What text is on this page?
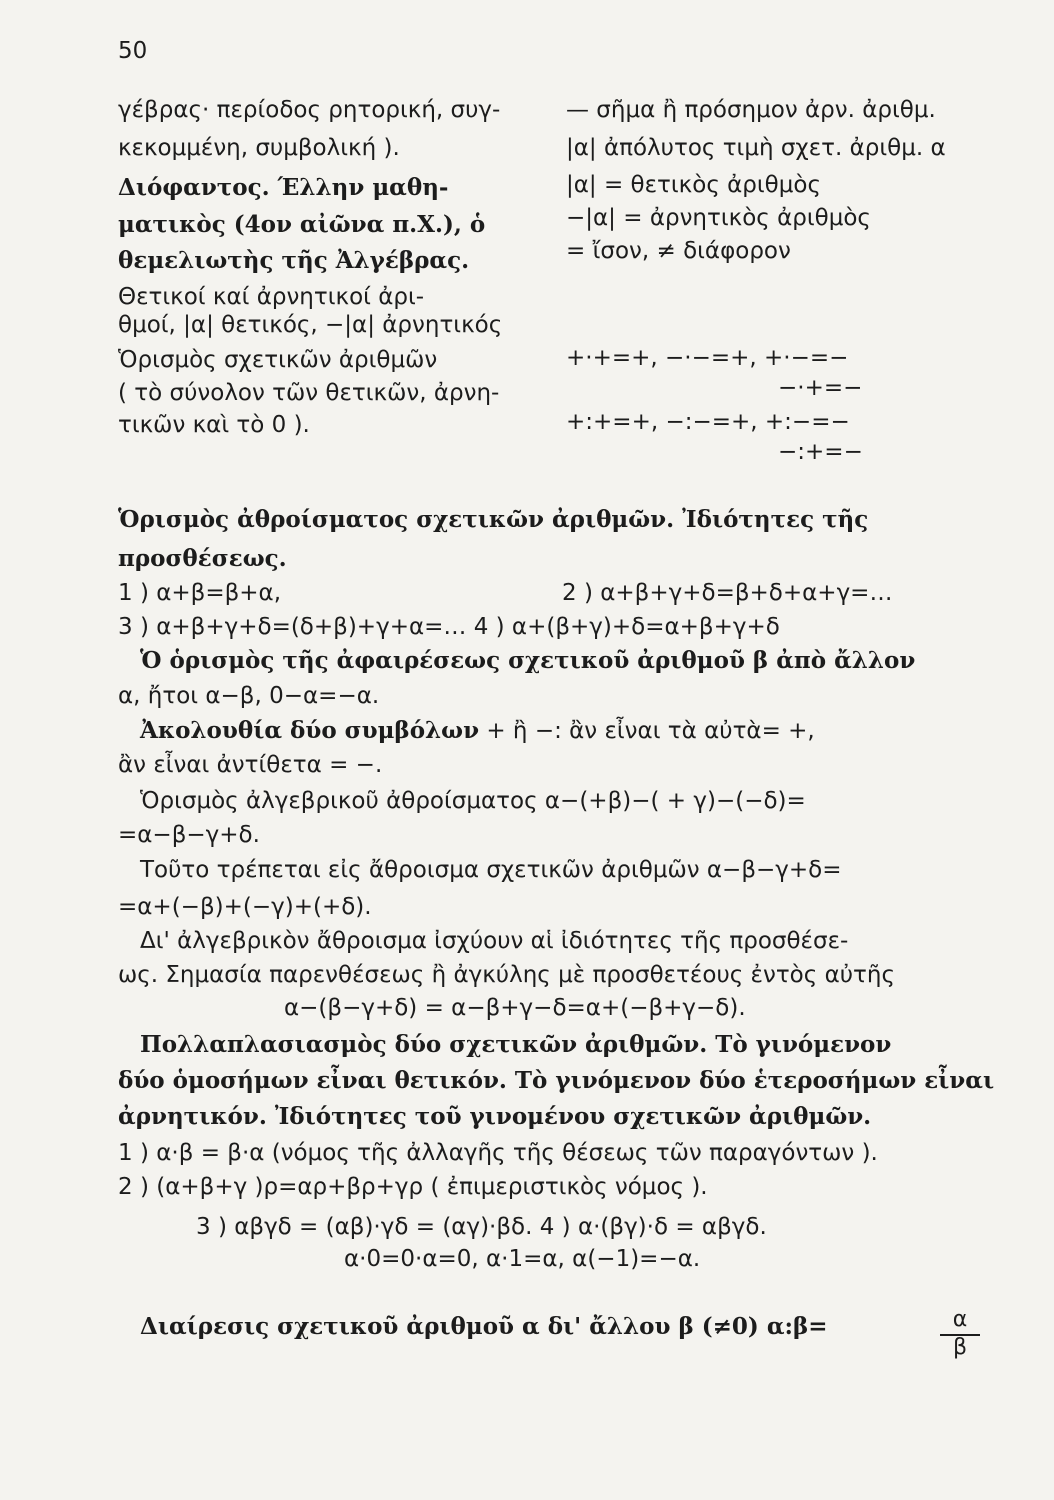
50
γέβρας· περίοδος ρητορική, συγ-
κεκομμένη, συμβολική ).
Διόφαντος. Έλλην μαθη-
ματικὸς (4ον αἰῶνα π.Χ.), ὁ
θεμελιωτὴς τῆς Ἀλγέβρας.
Θετικοί καί ἀρνητικοί ἀρι-
θμοί, |α| θετικός, −|α| ἀρνητικός
Ὁρισμὸς σχετικῶν ἀριθμῶν
( τὸ σύνολον τῶν θετικῶν, ἀρνη-
τικῶν καὶ τὸ 0 ).
— σῆμα ἢ πρόσημον ἀρν. ἀριθμ.
|α| ἀπόλυτος τιμὴ σχετ. ἀριθμ. α
|α| = θετικὸς ἀριθμὸς
−|α| = ἀρνητικὸς ἀριθμὸς
= ἴσον, ≠ διάφορον
+·+=+, −·−=+, +·−=−
−·+=−
+:+=+, −:−=+, +:−=−
−:+=−
Ὁρισμὸς ἀθροίσματος σχετικῶν ἀριθμῶν. Ἰδιότητες τῆς
προσθέσεως.
1 ) α+β=β+α,	2 ) α+β+γ+δ=β+δ+α+γ=…
3 ) α+β+γ+δ=(δ+β)+γ+α=… 4 ) α+(β+γ)+δ=α+β+γ+δ
Ὁ ὁρισμὸς τῆς ἀφαιρέσεως σχετικοῦ ἀριθμοῦ β ἀπὸ ἄλλον
α, ἤτοι α−β, 0−α=−α.
Ἀκολουθία δύο συμβόλων + ἢ −: ἂν εἶναι τὰ αὐτὰ= +,
ἂν εἶναι ἀντίθετα = −.
Ὁρισμὸς ἀλγεβρικοῦ ἀθροίσματος α−(+β)−( + γ)−(−δ)=
=α−β−γ+δ.
Τοῦτο τρέπεται εἰς ἄθροισμα σχετικῶν ἀριθμῶν α−β−γ+δ=
=α+(−β)+(−γ)+(+δ).
Δι' ἀλγεβρικὸν ἄθροισμα ἰσχύουν αἱ ἰδιότητες τῆς προσθέσε-
ως. Σημασία παρενθέσεως ἢ ἀγκύλης μὲ προσθετέους ἐντὸς αὐτῆς
α−(β−γ+δ) = α−β+γ−δ=α+(−β+γ−δ).
Πολλαπλασιασμὸς δύο σχετικῶν ἀριθμῶν. Τὸ γινόμενον
δύο ὁμοσήμων εἶναι θετικόν. Τὸ γινόμενον δύο ἑτεροσήμων εἶναι
ἀρνητικόν. Ἰδιότητες τοῦ γινομένου σχετικῶν ἀριθμῶν.
1 ) α·β = β·α (νόμος τῆς ἀλλαγῆς τῆς θέσεως τῶν παραγόντων ).
2 ) (α+β+γ )ρ=αρ+βρ+γρ ( ἐπιμεριστικὸς νόμος ).
3 ) αβγδ = (αβ)·γδ = (αγ)·βδ. 4 ) α·(βγ)·δ = αβγδ.
α·0=0·α=0, α·1=α, α(−1)=−α.
Διαίρεσις σχετικοῦ ἀριθμοῦ α δι' ἄλλου β (≠0) α:β=	$\frac{\alpha}{\beta}$
